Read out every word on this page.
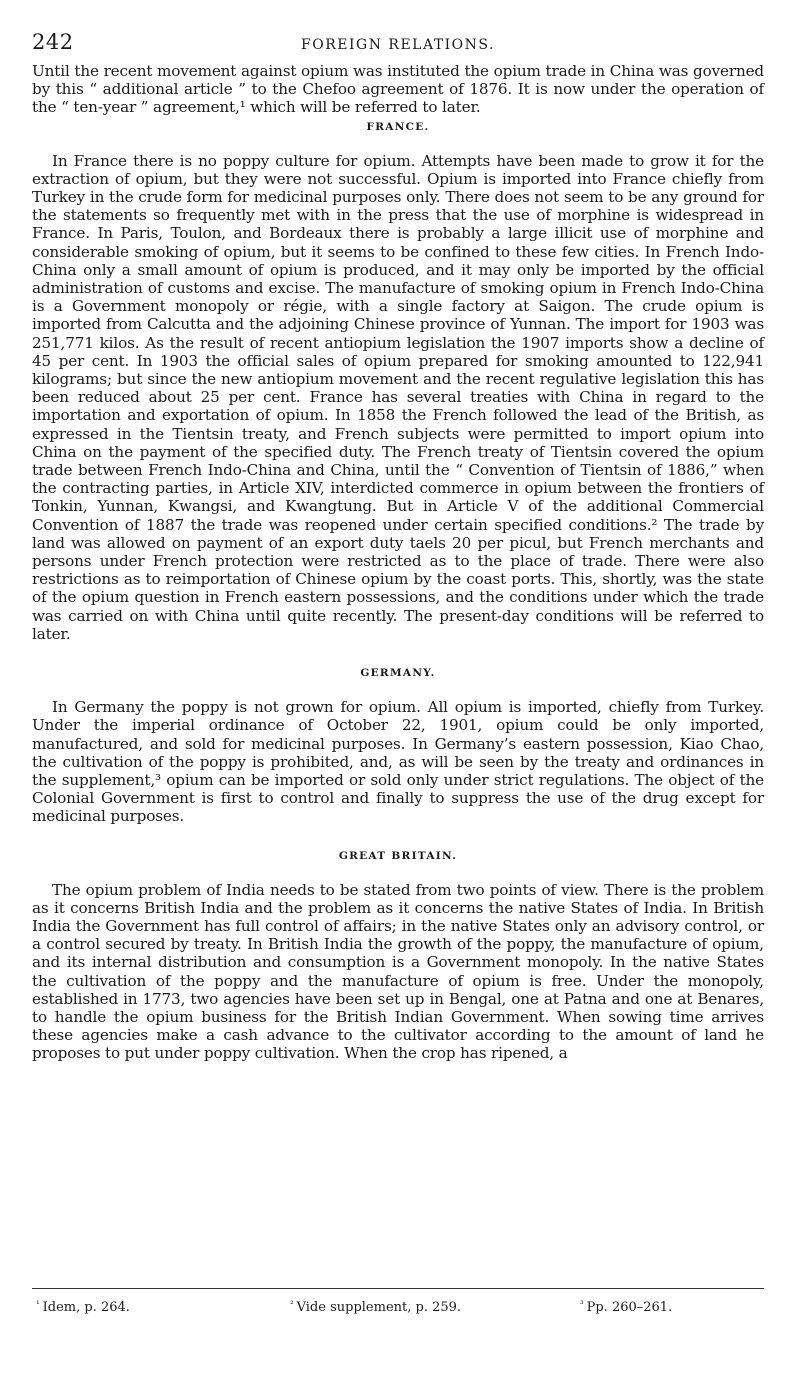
242	FOREIGN RELATIONS.

Until the recent movement against opium was instituted the opium trade in China was governed by this “ additional article ” to the Chefoo agreement of 1876. It is now under the operation of the “ ten-year ” agreement,¹ which will be referred to later.

FRANCE.

In France there is no poppy culture for opium. Attempts have been made to grow it for the extraction of opium, but they were not successful. Opium is imported into France chiefly from Turkey in the crude form for medicinal purposes only. There does not seem to be any ground for the statements so frequently met with in the press that the use of morphine is widespread in France. In Paris, Toulon, and Bordeaux there is probably a large illicit use of morphine and considerable smoking of opium, but it seems to be confined to these few cities. In French Indo-China only a small amount of opium is produced, and it may only be imported by the official administration of customs and excise. The manufacture of smoking opium in French Indo-China is a Government monopoly or régie, with a single factory at Saigon. The crude opium is imported from Calcutta and the adjoining Chinese province of Yunnan. The import for 1903 was 251,771 kilos. As the result of recent antiopium legislation the 1907 imports show a decline of 45 per cent. In 1903 the official sales of opium prepared for smoking amounted to 122,941 kilograms; but since the new antiopium movement and the recent regulative legislation this has been reduced about 25 per cent. France has several treaties with China in regard to the importation and exportation of opium. In 1858 the French followed the lead of the British, as expressed in the Tientsin treaty, and French subjects were permitted to import opium into China on the payment of the specified duty. The French treaty of Tientsin covered the opium trade between French Indo-China and China, until the “ Convention of Tientsin of 1886,” when the contracting parties, in Article XIV, interdicted commerce in opium between the frontiers of Tonkin, Yunnan, Kwangsi, and Kwangtung. But in Article V of the additional Commercial Convention of 1887 the trade was reopened under certain specified conditions.² The trade by land was allowed on payment of an export duty taels 20 per picul, but French merchants and persons under French protection were restricted as to the place of trade. There were also restrictions as to reimportation of Chinese opium by the coast ports. This, shortly, was the state of the opium question in French eastern possessions, and the conditions under which the trade was carried on with China until quite recently. The present-day conditions will be referred to later.

GERMANY.

In Germany the poppy is not grown for opium. All opium is imported, chiefly from Turkey. Under the imperial ordinance of October 22, 1901, opium could be only imported, manufactured, and sold for medicinal purposes. In Germany’s eastern possession, Kiao Chao, the cultivation of the poppy is prohibited, and, as will be seen by the treaty and ordinances in the supplement,³ opium can be imported or sold only under strict regulations. The object of the Colonial Government is first to control and finally to suppress the use of the drug except for medicinal purposes.

GREAT BRITAIN.

The opium problem of India needs to be stated from two points of view. There is the problem as it concerns British India and the problem as it concerns the native States of India. In British India the Government has full control of affairs; in the native States only an advisory control, or a control secured by treaty. In British India the growth of the poppy, the manufacture of opium, and its internal distribution and consumption is a Government monopoly. In the native States the cultivation of the poppy and the manufacture of opium is free. Under the monopoly, established in 1773, two agencies have been set up in Bengal, one at Patna and one at Benares, to handle the opium business for the British Indian Government. When sowing time arrives these agencies make a cash advance to the cultivator according to the amount of land he proposes to put under poppy cultivation. When the crop has ripened, a

$^{^1}$ Idem, p. 264.	$^{^2}$ Vide supplement, p. 259.	$^{^3}$ Pp. 260–261.
